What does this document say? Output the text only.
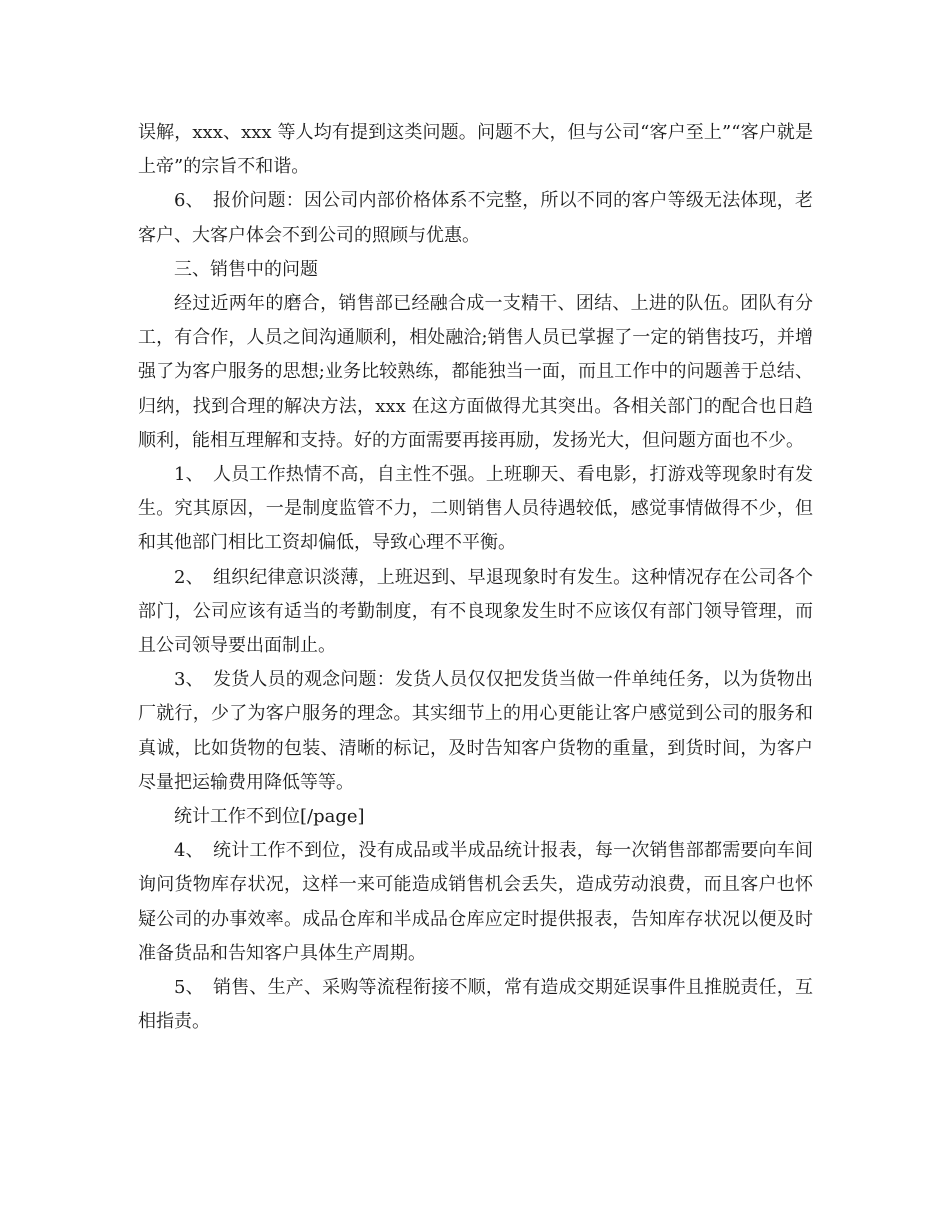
误解，xxx、xxx 等人均有提到这类问题。问题不大，但与公司“客户至上”“客户就是上帝”的宗旨不和谐。

6、　报价问题：因公司内部价格体系不完整，所以不同的客户等级无法体现，老客户、大客户体会不到公司的照顾与优惠。

三、销售中的问题

经过近两年的磨合，销售部已经融合成一支精干、团结、上进的队伍。团队有分工，有合作，人员之间沟通顺利，相处融洽;销售人员已掌握了一定的销售技巧，并增强了为客户服务的思想;业务比较熟练，都能独当一面，而且工作中的问题善于总结、归纳，找到合理的解决方法，xxx 在这方面做得尤其突出。各相关部门的配合也日趋顺利，能相互理解和支持。好的方面需要再接再励，发扬光大，但问题方面也不少。

1、　人员工作热情不高，自主性不强。上班聊天、看电影，打游戏等现象时有发生。究其原因，一是制度监管不力，二则销售人员待遇较低，感觉事情做得不少，但和其他部门相比工资却偏低，导致心理不平衡。

2、　组织纪律意识淡薄，上班迟到、早退现象时有发生。这种情况存在公司各个部门，公司应该有适当的考勤制度，有不良现象发生时不应该仅有部门领导管理，而且公司领导要出面制止。

3、　发货人员的观念问题：发货人员仅仅把发货当做一件单纯任务，以为货物出厂就行，少了为客户服务的理念。其实细节上的用心更能让客户感觉到公司的服务和真诚，比如货物的包装、清晰的标记，及时告知客户货物的重量，到货时间，为客户尽量把运输费用降低等等。

统计工作不到位[/page]

4、　统计工作不到位，没有成品或半成品统计报表，每一次销售部都需要向车间询问货物库存状况，这样一来可能造成销售机会丢失，造成劳动浪费，而且客户也怀疑公司的办事效率。成品仓库和半成品仓库应定时提供报表，告知库存状况以便及时准备货品和告知客户具体生产周期。

5、　销售、生产、采购等流程衔接不顺，常有造成交期延误事件且推脱责任，互相指责。
